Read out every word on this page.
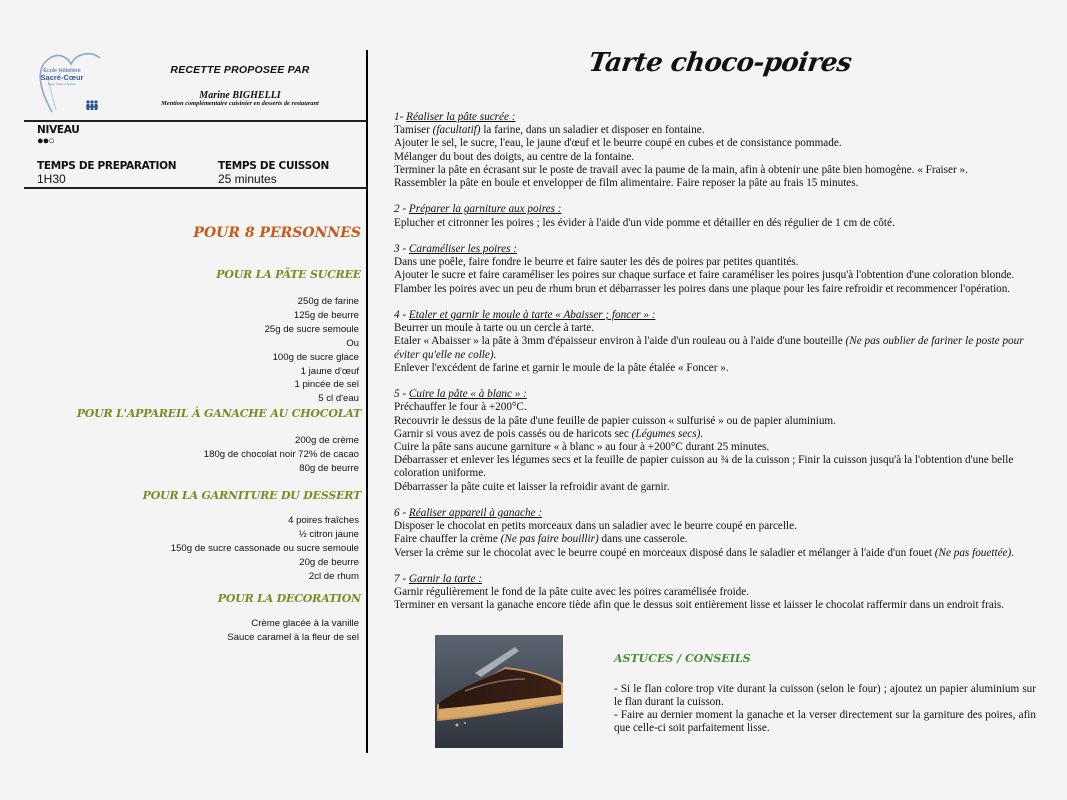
École Hôtelière
Sacré-Cœur
Saint Chély d'Apcher
RECETTE PROPOSEE PAR
Marine BIGHELLI
Mention complémentaire cuisinier en desserts de restaurant
NIVEAU
●●○
TEMPS DE PREPARATION
1H30
TEMPS DE CUISSON
25 minutes
POUR 8 PERSONNES
POUR LA PÂTE SUCREE
250g de farine
125g de beurre
25g de sucre semoule
Ou
100g de sucre glace
1 jaune d'œuf
1 pincée de sel
5 cl d'eau
POUR L'APPAREIL À GANACHE AU CHOCOLAT
200g de crème
180g de chocolat noir 72% de cacao
80g de beurre
POUR LA GARNITURE DU DESSERT
4 poires fraîches
½ citron jaune
150g de sucre cassonade ou sucre semoule
20g de beurre
2cl de rhum
POUR LA DECORATION
Crème glacée à la vanille
Sauce caramel à la fleur de sel
Tarte choco-poires

1- Réaliser la pâte sucrée :

Tamiser (facultatif) la farine, dans un saladier et disposer en fontaine.

Ajouter le sel, le sucre, l'eau, le jaune d'œuf et le beurre coupé en cubes et de consistance pommade.

Mélanger du bout des doigts, au centre de la fontaine.

Terminer la pâte en écrasant sur le poste de travail avec la paume de la main, afin à obtenir une pâte bien homogène. « Fraiser ».

Rassembler la pâte en boule et envelopper de film alimentaire. Faire reposer la pâte au frais 15 minutes.

2 - Préparer la garniture aux poires :

Eplucher et citronner les poires ; les évider à l'aide d'un vide pomme et détailler en dés régulier de 1 cm de côté.

3 - Caraméliser les poires :

Dans une poêle, faire fondre le beurre et faire sauter les dés de poires par petites quantités.

Ajouter le sucre et faire caraméliser les poires sur chaque surface et faire caraméliser les poires jusqu'à l'obtention d'une coloration blonde.

Flamber les poires avec un peu de rhum brun et débarrasser les poires dans une plaque pour les faire refroidir et recommencer l'opération.

4 - Etaler et garnir le moule à tarte « Abaisser ; foncer » :

Beurrer un moule à tarte ou un cercle à tarte.

Etaler « Abaisser » la pâte à 3mm d'épaisseur environ à l'aide d'un rouleau ou à l'aide d'une bouteille (Ne pas oublier de fariner le poste pour éviter qu'elle ne colle).

Enlever l'excédent de farine et garnir le moule de la pâte étalée « Foncer ».

5 - Cuire la pâte « à blanc » :

Préchauffer le four à +200°C.

Recouvrir le dessus de la pâte d'une feuille de papier cuisson « sulfurisé » ou de papier aluminium.

Garnir si vous avez de pois cassés ou de haricots sec (Légumes secs).

Cuire la pâte sans aucune garniture « à blanc » au four à +200°C durant 25 minutes.

Débarrasser et enlever les légumes secs et la feuille de papier cuisson au ¾ de la cuisson ; Finir la cuisson jusqu'à la l'obtention d'une belle coloration uniforme.

Débarrasser la pâte cuite et laisser la refroidir avant de garnir.

6 - Réaliser appareil à ganache :

Disposer le chocolat en petits morceaux dans un saladier avec le beurre coupé en parcelle.

Faire chauffer la crème (Ne pas faire bouillir) dans une casserole.

Verser la crème sur le chocolat avec le beurre coupé en morceaux disposé dans le saladier et mélanger à l'aide d'un fouet (Ne pas fouettée).

7 - Garnir la tarte :

Garnir régulièrement le fond de la pâte cuite avec les poires caramélisée froide.

Terminer en versant la ganache encore tiède afin que le dessus soit entièrement lisse et laisser le chocolat raffermir dans un endroit frais.

ASTUCES / CONSEILS

- Si le flan colore trop vite durant la cuisson (selon le four) ; ajoutez un papier aluminium sur le flan durant la cuisson.

- Faire au dernier moment la ganache et la verser directement sur la garniture des poires, afin que celle-ci soit parfaitement lisse.
